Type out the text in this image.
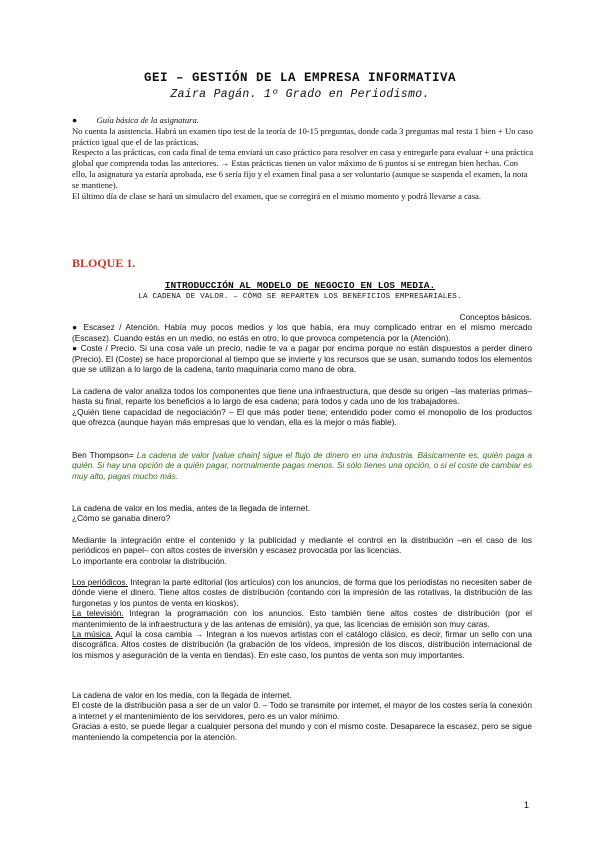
GEI – GESTIÓN DE LA EMPRESA INFORMATIVA
Zaira Pagán. 1º Grado en Periodismo.

● Guía básica de la asignatura.

No cuenta la asistencia. Habrá un examen tipo test de la teoría de 10-15 preguntas, donde cada 3 preguntas mal resta 1 bien + Un caso práctico igual que el de las prácticas.

Respecto a las prácticas, con cada final de tema enviará un caso práctico para resolver en casa y entregarle para evaluar + una práctica global que comprenda todas las anteriores. → Estas prácticas tienen un valor máximo de 6 puntos si se entregan bien hechas. Con ello, la asignatura ya estaría aprobada, ese 6 sería fijo y el examen final pasa a ser voluntario (aunque se suspenda el examen, la nota se mantiene).

El último día de clase se hará un simulacro del examen, que se corregirá en el mismo momento y podrá llevarse a casa.

BLOQUE 1.
INTRODUCCIÓN AL MODELO DE NEGOCIO EN LOS MEDIA.
LA CADENA DE VALOR. – CÓMO SE REPARTEN LOS BENEFICIOS EMPRESARIALES.

Conceptos básicos.

● Escasez / Atención. Había muy pocos medios y los que había, era muy complicado entrar en el mismo mercado (Escasez). Cuando estás en un medio, no estás en otro, lo que provoca competencia por la (Atención).

● Coste / Precio. Si una cosa vale un precio, nadie te va a pagar por encima porque no están dispuestos a perder dinero (Precio). El (Coste) se hace proporcional al tiempo que se invierte y los recursos que se usan, sumando todos los elementos que se utilizan a lo largo de la cadena, tanto maquinaria como mano de obra.

La cadena de valor analiza todos los componentes que tiene una infraestructura, que desde su origen –las materias primas– hasta su final, reparte los beneficios a lo largo de esa cadena; para todos y cada uno de los trabajadores.

¿Quién tiene capacidad de negociación? – El que más poder tiene; entendido poder como el monopolio de los productos que ofrezca (aunque hayan más empresas que lo vendan, ella es la mejor o más fiable).

Ben Thompson= La cadena de valor [value chain] sigue el flujo de dinero en una industria. Básicamente es, quién paga a quién. Si hay una opción de a quién pagar, normalmente pagas menos. Si sólo tienes una opción, o si el coste de cambiar es muy alto, pagas mucho más.

La cadena de valor en los media, antes de la llegada de internet.

¿Cómo se ganaba dinero?

Mediante la integración entre el contenido y la publicidad y mediante el control en la distribución –en el caso de los periódicos en papel– con altos costes de inversión y escasez provocada por las licencias.

Lo importante era controlar la distribución.

Los periódicos. Integran la parte editorial (los artículos) con los anuncios, de forma que los periodistas no necesiten saber de dónde viene el dinero. Tiene altos costes de distribución (contando con la impresión de las rotativas, la distribución de las furgonetas y los puntos de venta en kioskos).

La televisión. Integran la programación con los anuncios. Esto también tiene altos costes de distribución (por el mantenimiento de la infraestructura y de las antenas de emisión), ya que, las licencias de emisión son muy caras.

La música. Aquí la cosa cambia → Integran a los nuevos artistas con el catálogo clásico, es decir, firmar un sello con una discográfica. Altos costes de distribución (la grabación de los vídeos, impresión de los discos, distribución internacional de los mismos y aseguración de la venta en tiendas). En este caso, los puntos de venta son muy importantes.

La cadena de valor en los media, con la llegada de internet.

El coste de la distribución pasa a ser de un valor 0. – Todo se transmite por internet, el mayor de los costes sería la conexión a internet y el mantenimiento de los servidores, pero es un valor mínimo.

Gracias a esto, se puede llegar a cualquier persona del mundo y con el mismo coste. Desaparece la escasez, pero se sigue manteniendo la competencia por la atención.

1
